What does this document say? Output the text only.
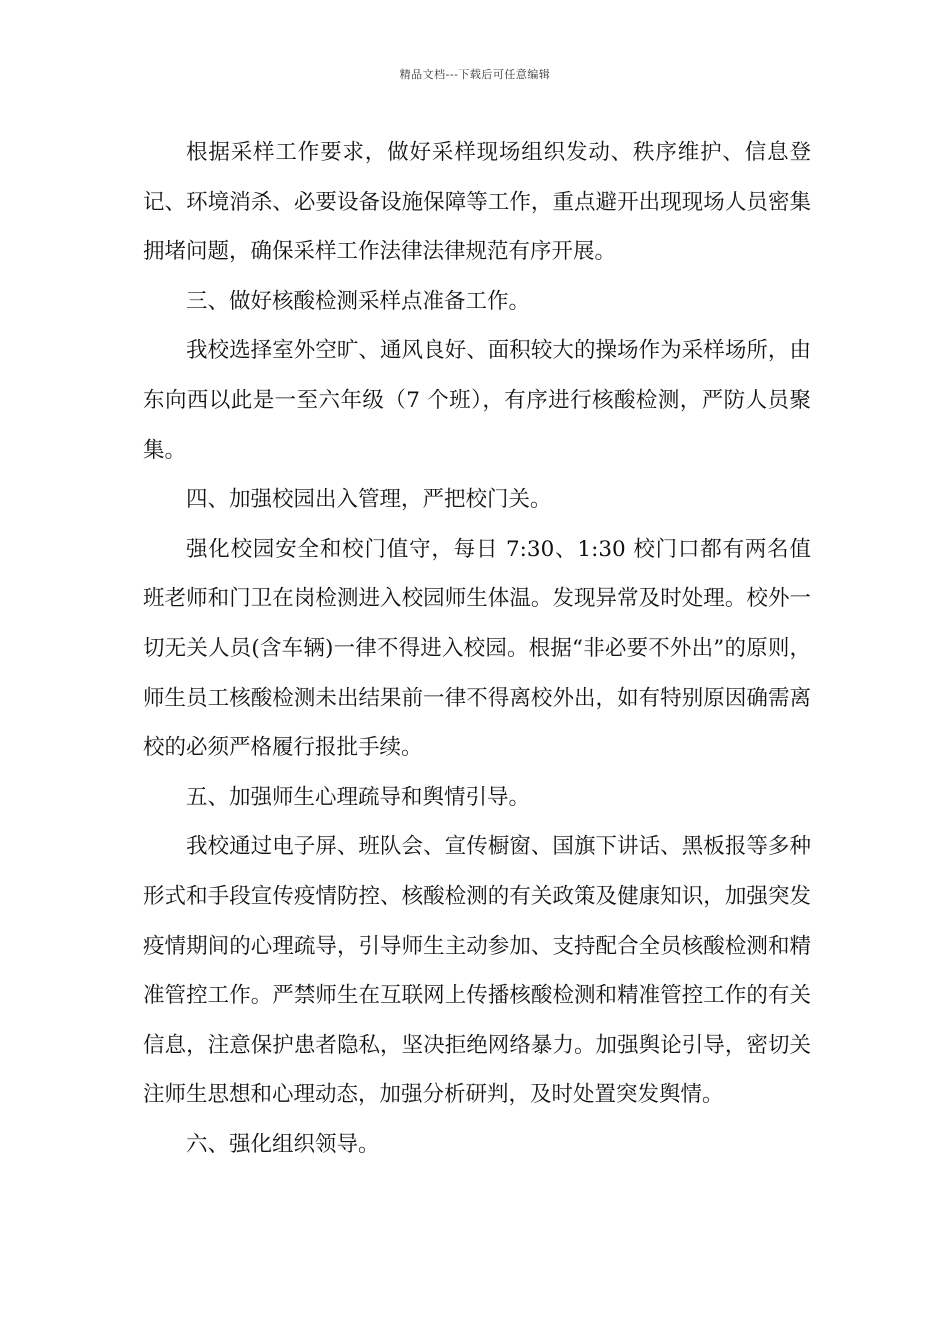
精品文档---下载后可任意编辑

根据采样工作要求，做好采样现场组织发动、秩序维护、信息登记、环境消杀、必要设备设施保障等工作，重点避开出现现场人员密集拥堵问题，确保采样工作法律法律规范有序开展。

三、做好核酸检测采样点准备工作。

我校选择室外空旷、通风良好、面积较大的操场作为采样场所，由东向西以此是一至六年级（7 个班），有序进行核酸检测，严防人员聚集。

四、加强校园出入管理，严把校门关。

强化校园安全和校门值守，每日 7:30、1:30 校门口都有两名值班老师和门卫在岗检测进入校园师生体温。发现异常及时处理。校外一切无关人员(含车辆)一律不得进入校园。根据“非必要不外出”的原则，师生员工核酸检测未出结果前一律不得离校外出，如有特别原因确需离校的必须严格履行报批手续。

五、加强师生心理疏导和舆情引导。

我校通过电子屏、班队会、宣传橱窗、国旗下讲话、黑板报等多种形式和手段宣传疫情防控、核酸检测的有关政策及健康知识，加强突发疫情期间的心理疏导，引导师生主动参加、支持配合全员核酸检测和精准管控工作。严禁师生在互联网上传播核酸检测和精准管控工作的有关信息，注意保护患者隐私，坚决拒绝网络暴力。加强舆论引导，密切关注师生思想和心理动态，加强分析研判，及时处置突发舆情。

六、强化组织领导。
